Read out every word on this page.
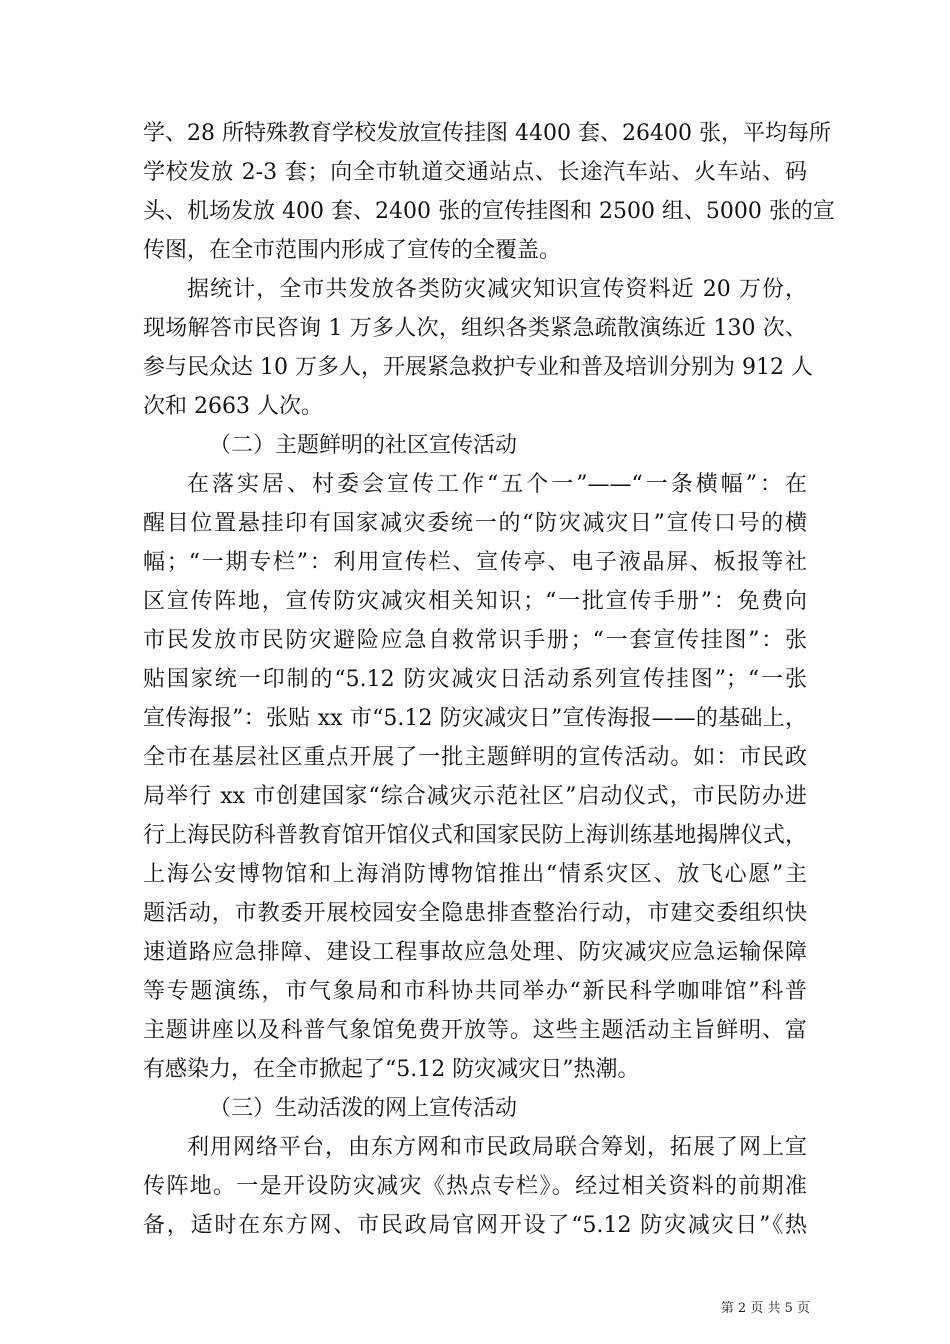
学、28 所特殊教育学校发放宣传挂图 4400 套、26400 张，平均每所
学校发放 2-3 套；向全市轨道交通站点、长途汽车站、火车站、码
头、机场发放 400 套、2400 张的宣传挂图和 2500 组、5000 张的宣
传图，在全市范围内形成了宣传的全覆盖。
据统计，全市共发放各类防灾减灾知识宣传资料近 20 万份，
现场解答市民咨询 1 万多人次，组织各类紧急疏散演练近 130 次、
参与民众达 10 万多人，开展紧急救护专业和普及培训分别为 912 人
次和 2663 人次。
（二）主题鲜明的社区宣传活动
在落实居、村委会宣传工作“五个一”——“一条横幅”：在
醒目位置悬挂印有国家减灾委统一的“防灾减灾日”宣传口号的横
幅；“一期专栏”：利用宣传栏、宣传亭、电子液晶屏、板报等社
区宣传阵地，宣传防灾减灾相关知识；“一批宣传手册”：免费向
市民发放市民防灾避险应急自救常识手册；“一套宣传挂图”：张
贴国家统一印制的“5.12 防灾减灾日活动系列宣传挂图”；“一张
宣传海报”：张贴 xx 市“5.12 防灾减灾日”宣传海报——的基础上，
全市在基层社区重点开展了一批主题鲜明的宣传活动。如：市民政
局举行 xx 市创建国家“综合减灾示范社区”启动仪式，市民防办进
行上海民防科普教育馆开馆仪式和国家民防上海训练基地揭牌仪式，
上海公安博物馆和上海消防博物馆推出“情系灾区、放飞心愿”主
题活动，市教委开展校园安全隐患排查整治行动，市建交委组织快
速道路应急排障、建设工程事故应急处理、防灾减灾应急运输保障
等专题演练，市气象局和市科协共同举办“新民科学咖啡馆”科普
主题讲座以及科普气象馆免费开放等。这些主题活动主旨鲜明、富
有感染力，在全市掀起了“5.12 防灾减灾日”热潮。
（三）生动活泼的网上宣传活动
利用网络平台，由东方网和市民政局联合筹划，拓展了网上宣
传阵地。一是开设防灾减灾《热点专栏》。经过相关资料的前期准
备，适时在东方网、市民政局官网开设了“5.12 防灾减灾日”《热
第 2 页 共 5 页
